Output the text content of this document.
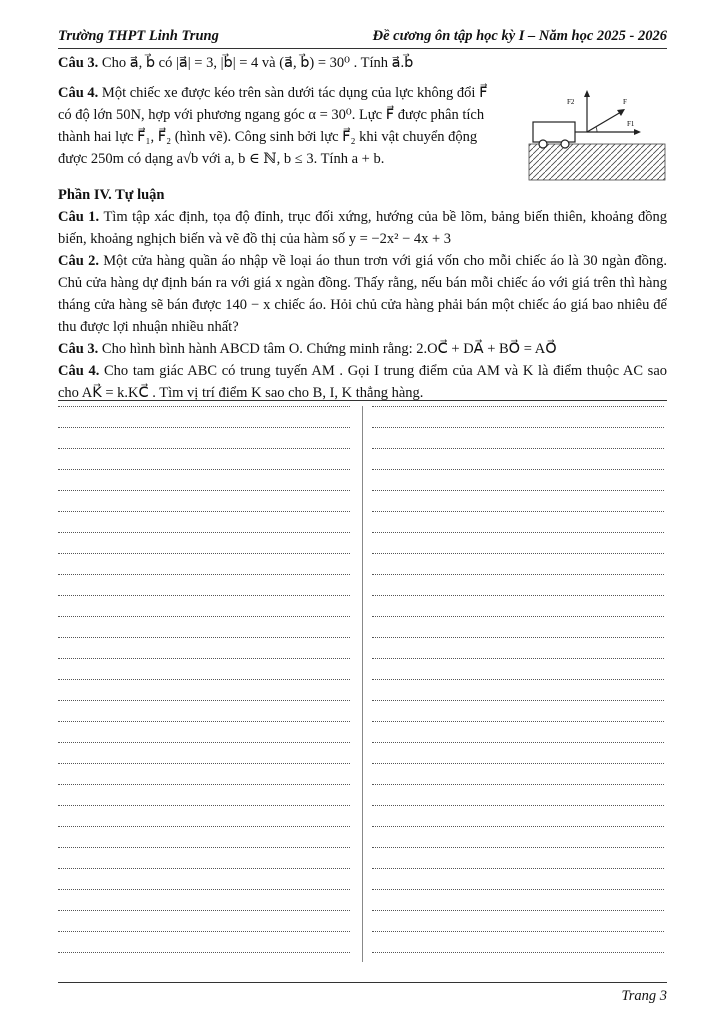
Trường THPT Linh Trung	Đề cương ôn tập học kỳ I – Năm học 2025 - 2026

Câu 3. Cho a⃗, b⃗ có |a⃗| = 3, |b⃗| = 4 và (a⃗, b⃗) = 30⁰ . Tính a⃗.b⃗

Câu 4. Một chiếc xe được kéo trên sàn dưới tác dụng của lực không đổi F⃗

có độ lớn 50N, hợp với phương ngang góc α = 30⁰. Lực F⃗ được phân tích

thành hai lực F⃗₁, F⃗₂ (hình vẽ). Công sinh bởi lực F⃗₂ khi vật chuyển động

được 250m có dạng a√b với a, b ∈ ℕ, b ≤ 3. Tính a + b.

F2
F1
F

Phần IV. Tự luận

Câu 1. Tìm tập xác định, tọa độ đỉnh, trục đối xứng, hướng của bề lõm, bảng biến thiên, khoảng đồng biến, khoảng nghịch biến và vẽ đồ thị của hàm số y = −2x² − 4x + 3

Câu 2. Một cửa hàng quần áo nhập về loại áo thun trơn với giá vốn cho mỗi chiếc áo là 30 ngàn đồng. Chủ cửa hàng dự định bán ra với giá x ngàn đồng. Thấy rằng, nếu bán mỗi chiếc áo với giá trên thì hàng tháng cửa hàng sẽ bán được 140 − x chiếc áo. Hỏi chủ cửa hàng phải bán một chiếc áo giá bao nhiêu để thu được lợi nhuận nhiều nhất?

Câu 3. Cho hình bình hành ABCD tâm O. Chứng minh rằng: 2.OC⃗ + DA⃗ + BO⃗ = AO⃗

Câu 4. Cho tam giác ABC có trung tuyến AM . Gọi I trung điểm của AM và K là điểm thuộc AC sao cho AK⃗ = k.KC⃗ . Tìm vị trí điểm K sao cho B, I, K thẳng hàng.

Trang 3
